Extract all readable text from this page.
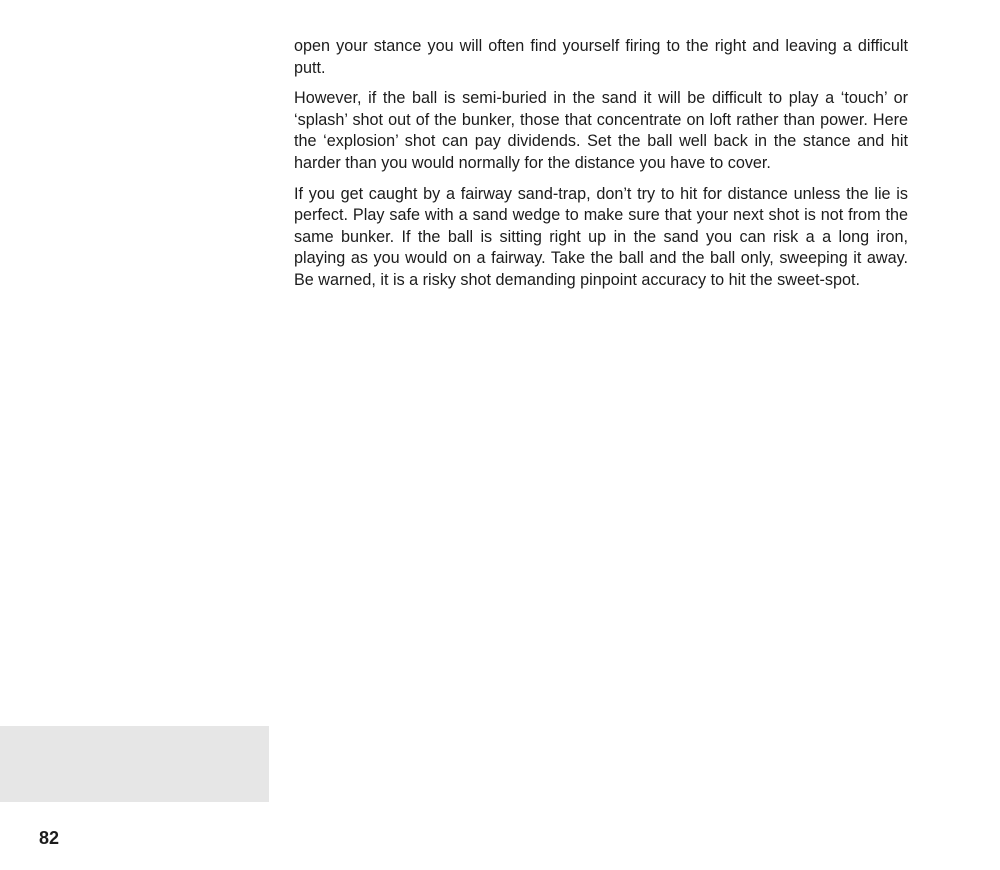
open your stance you will often find yourself firing to the right and leaving a difficult putt.

However, if the ball is semi-buried in the sand it will be difficult to play a ‘touch’ or ‘splash’ shot out of the bunker, those that concentrate on loft rather than power. Here the ‘explosion’ shot can pay dividends. Set the ball well back in the stance and hit harder than you would normally for the distance you have to cover.

If you get caught by a fairway sand-trap, don’t try to hit for distance unless the lie is perfect. Play safe with a sand wedge to make sure that your next shot is not from the same bunker. If the ball is sitting right up in the sand you can risk a a long iron, playing as you would on a fairway. Take the ball and the ball only, sweeping it away. Be warned, it is a risky shot demanding pinpoint accuracy to hit the sweet-spot.

82
